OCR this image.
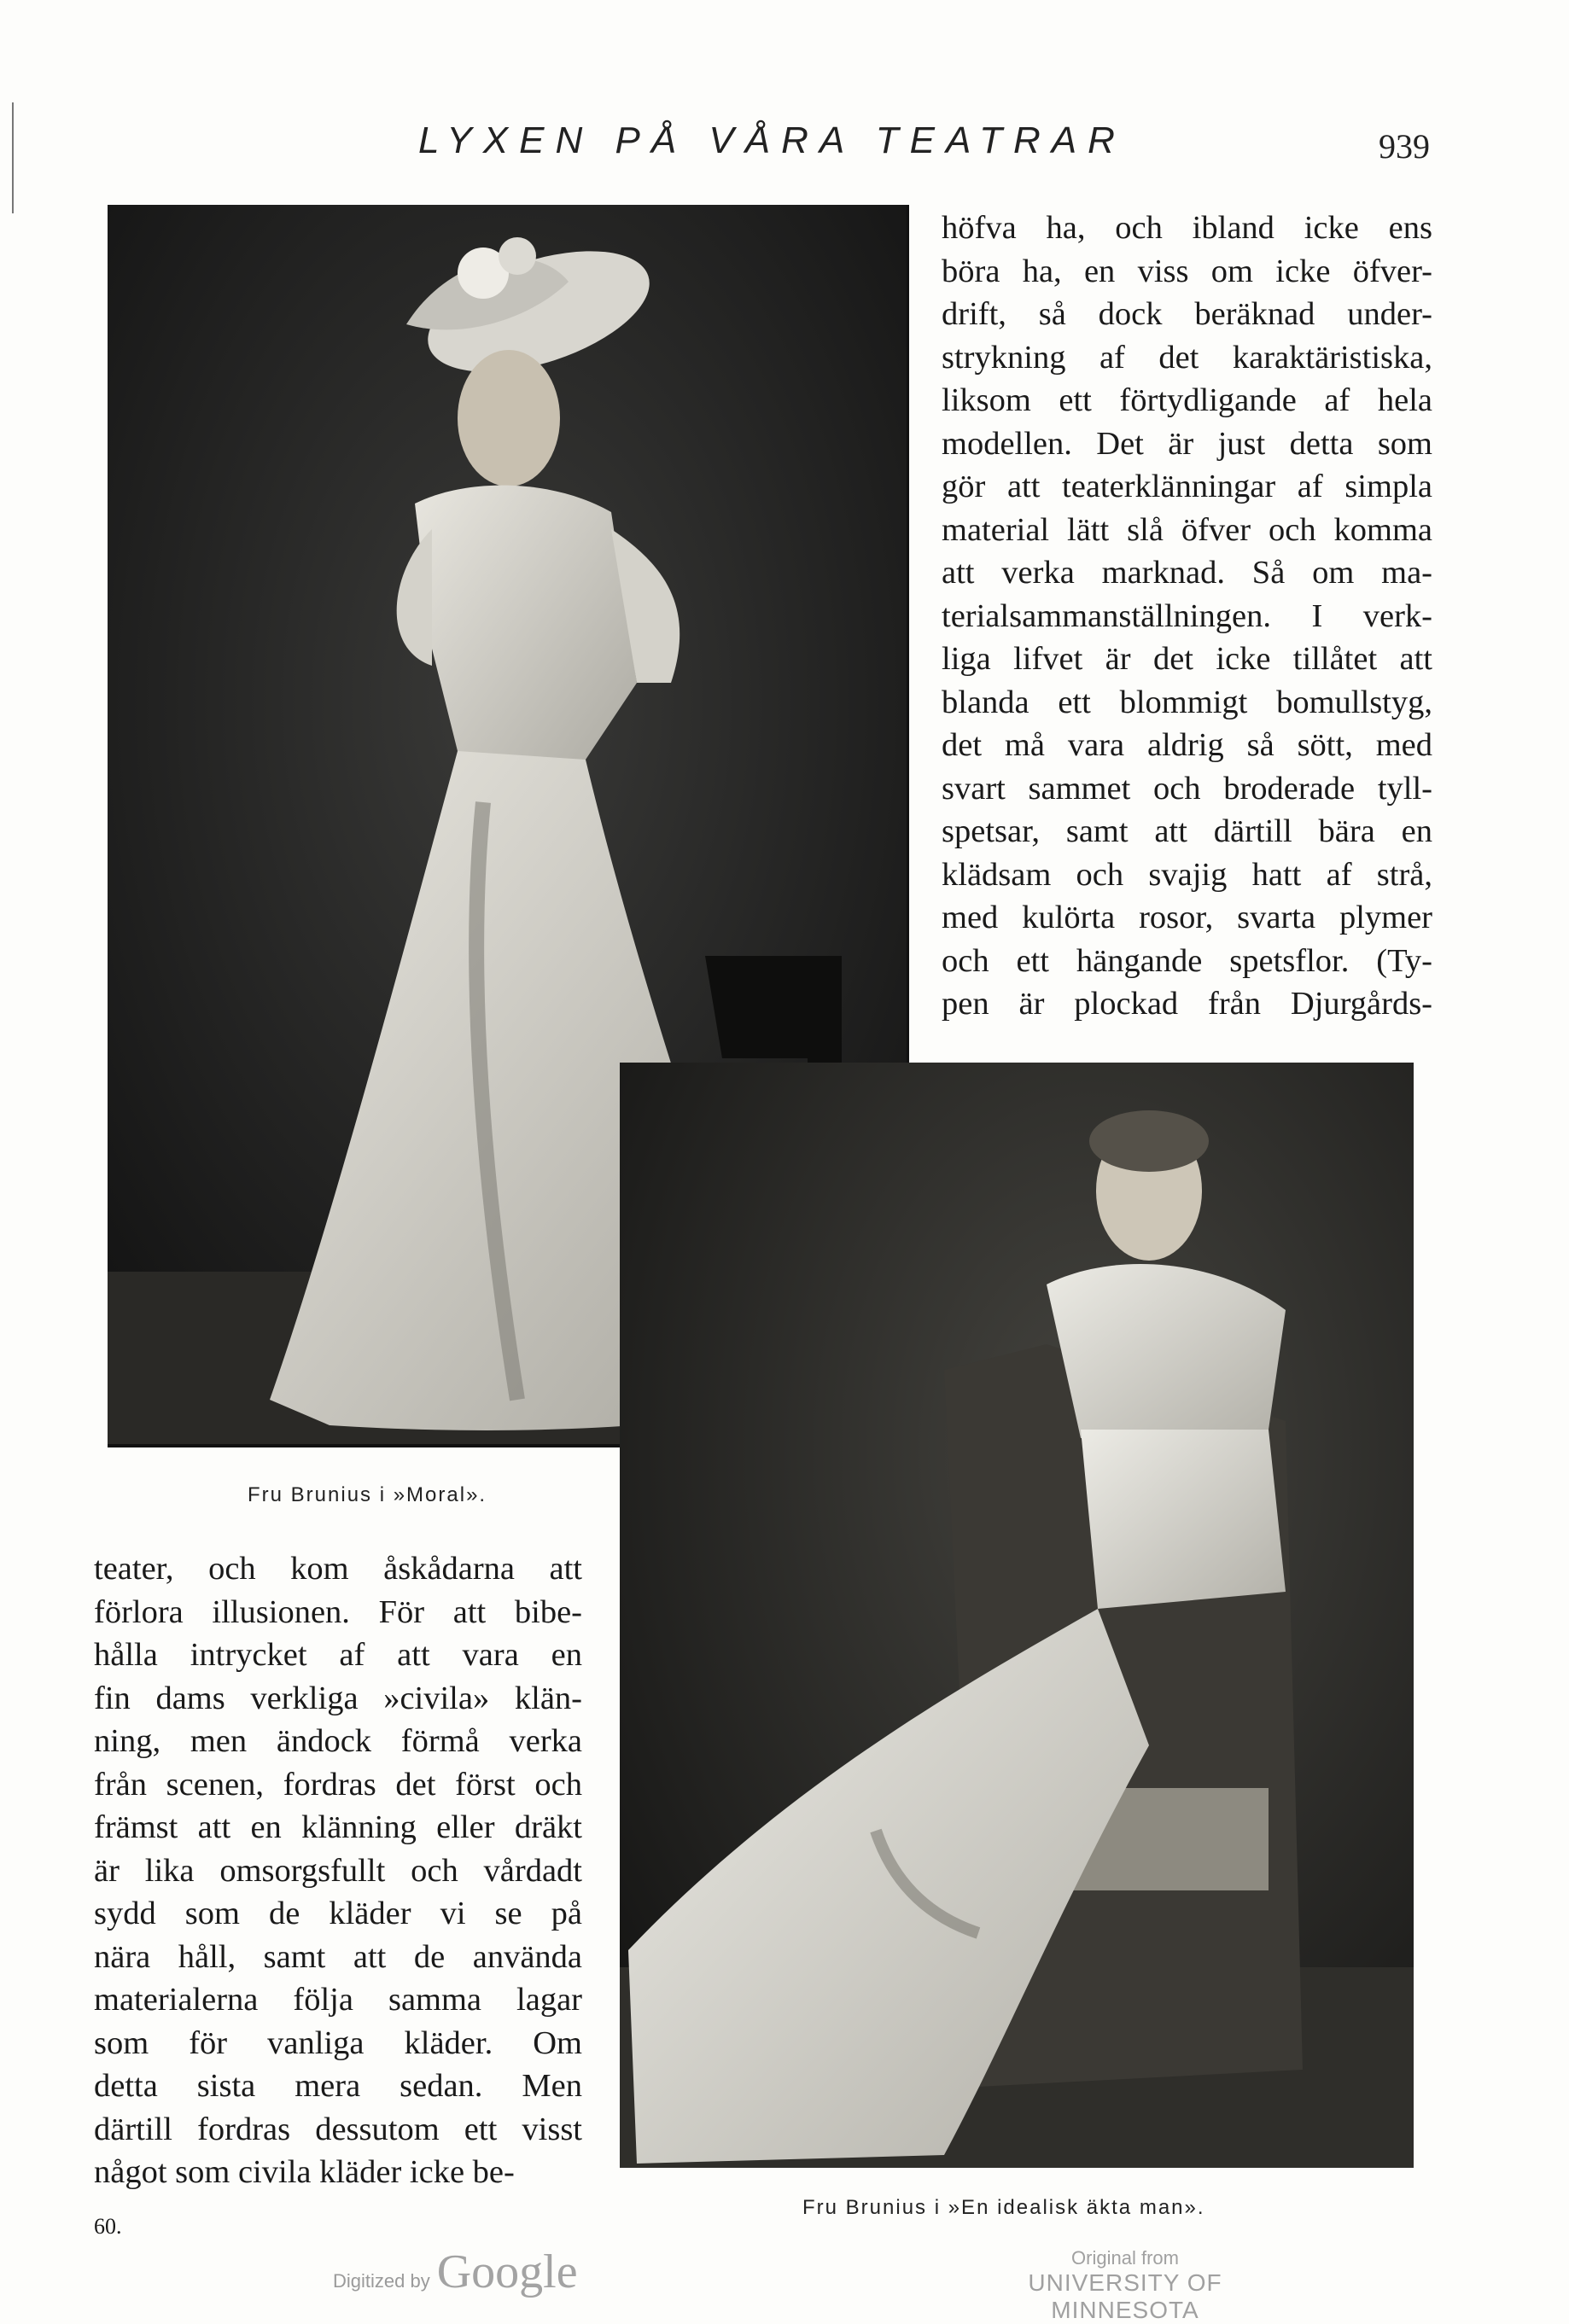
LYXEN PÅ VÅRA TEATRAR	939
höfva ha, och ibland icke ens
böra ha, en viss om icke öfver-
drift, så dock beräknad under-
strykning af det karaktäristiska,
liksom ett förtydligande af hela
modellen. Det är just detta som
gör att teaterklänningar af simpla
material lätt slå öfver och komma
att verka marknad. Så om ma-
terialsammanställningen. I verk-
liga lifvet är det icke tillåtet att
blanda ett blommigt bomullstyg,
det må vara aldrig så sött, med
svart sammet och broderade tyll-
spetsar, samt att därtill bära en
klädsam och svajig hatt af strå,
med kulörta rosor, svarta plymer
och ett hängande spetsflor. (Ty-
pen är plockad från Djurgårds-
Fru Brunius i »Moral».
teater, och kom åskådarna att
förlora illusionen. För att bibe-
hålla intrycket af att vara en
fin dams verkliga »civila» klän-
ning, men ändock förmå verka
från scenen, fordras det först och
främst att en klänning eller dräkt
är lika omsorgsfullt och vårdadt
sydd som de kläder vi se på
nära håll, samt att de använda
materialerna följa samma lagar
som för vanliga kläder. Om
detta sista mera sedan. Men
därtill fordras dessutom ett visst
något som civila kläder icke be-
Fru Brunius i »En idealisk äkta man».
60.
Digitized by Google	Original from
UNIVERSITY OF MINNESOTA
